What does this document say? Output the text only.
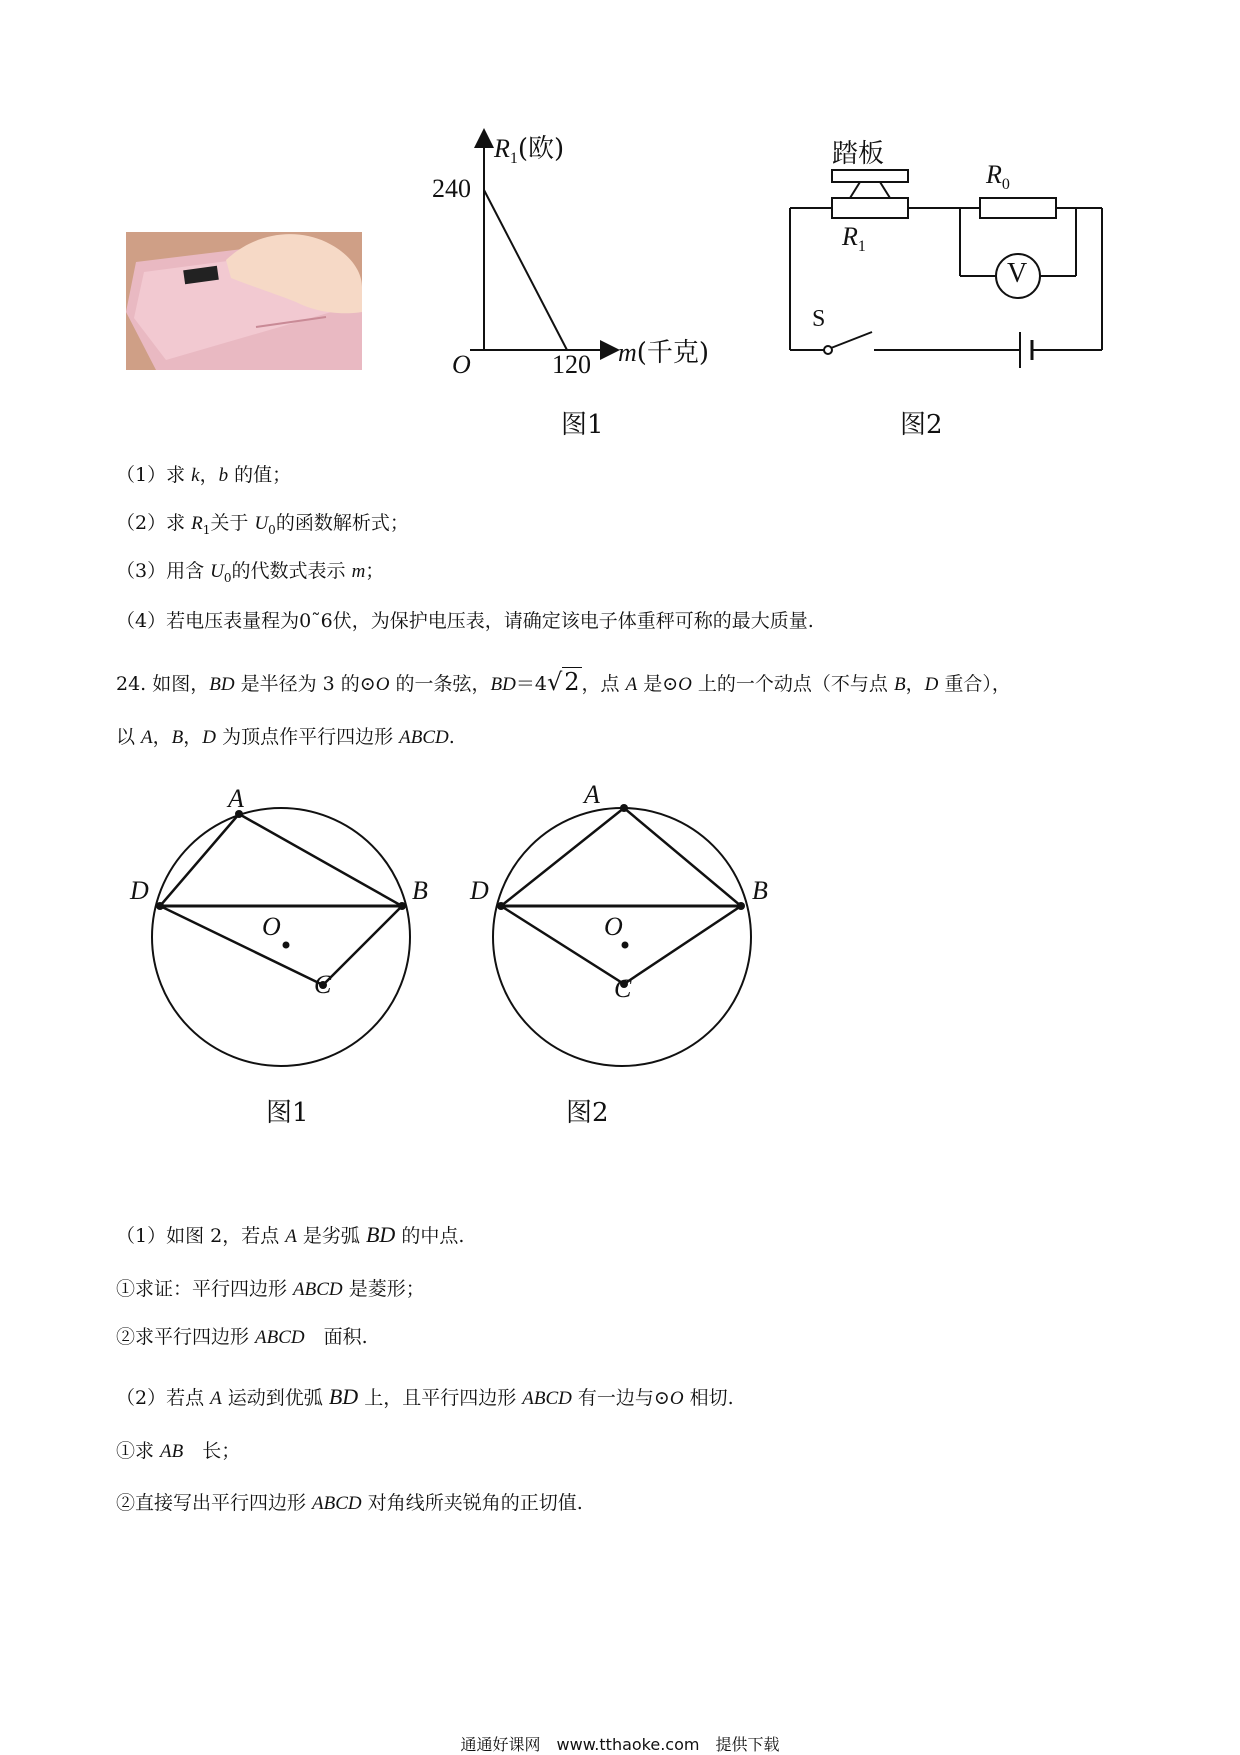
$R_1$(欧)
240
O	120 m(千克)
图1
踏板
$R_0$
$R_1$
V
S
图2
（1）求 k，b 的值；
（2）求 $R_1$关于 $U_0$的函数解析式；
（3）用含 $U_0$的代数式表示 m；
（4）若电压表量程为0˜6伏，为保护电压表，请确定该电子体重秤可称的最大质量.
24. 如图，BD 是半径为 3 的⊙O 的一条弦，BD＝4√2 ，点 A 是⊙O 上的一个动点（不与点 B，D 重合），
以 A，B，D 为顶点作平行四边形 ABCD.
A
D	B
O
C
图1
A
D	B
O
C
图2
（1）如图 2，若点 A 是劣弧 BD 的中点.
①求证：平行四边形 ABCD 是菱形；
②求平行四边形 ABCD　面积.
（2）若点 A 运动到优弧 BD 上，且平行四边形 ABCD 有一边与⊙O 相切.
①求 AB　长；
②直接写出平行四边形 ABCD 对角线所夹锐角的正切值.
通通好课网　www.tthaoke.com　提供下载
